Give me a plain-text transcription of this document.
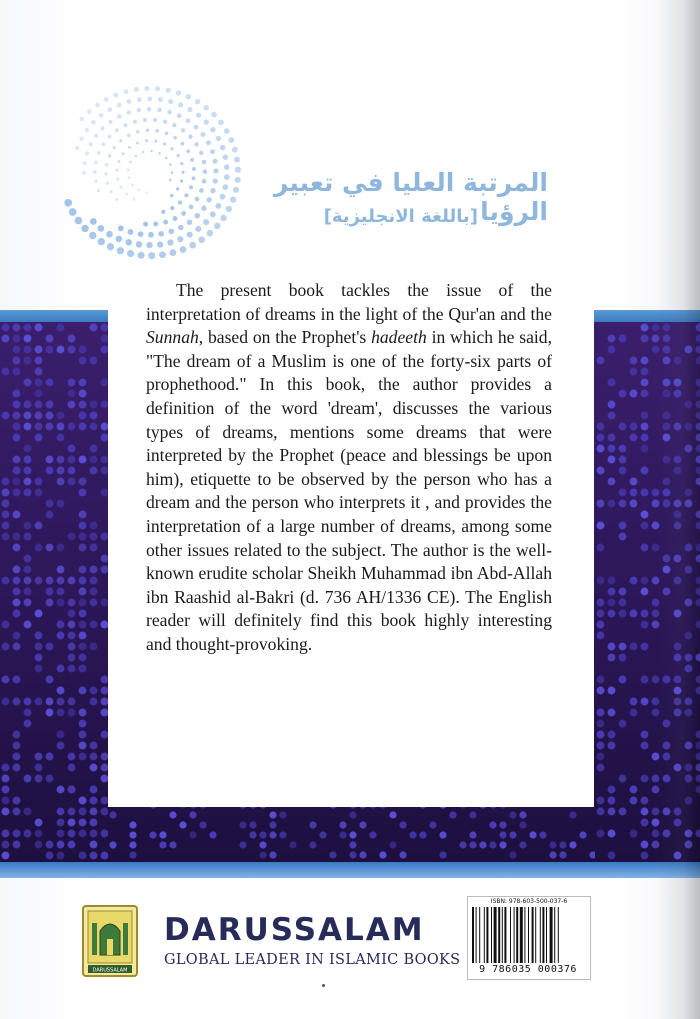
المرتبة العليا في تعبير الرؤيا
[باللغة الانجليزية]

The present book tackles the issue of the interpretation of dreams in the light of the Qur'an and the Sunnah, based on the Prophet's hadeeth in which he said, "The dream of a Muslim is one of the forty-six parts of prophethood." In this book, the author provides a definition of the word 'dream', discusses the various types of dreams, mentions some dreams that were interpreted by the Prophet (peace and blessings be upon him), etiquette to be observed by the person who has a dream and the person who interprets it , and provides the interpretation of a large number of dreams, among some other issues related to the subject. The author is the well-known erudite scholar Sheikh Muhammad ibn Abd-Allah ibn Raashid al-Bakri (d. 736 AH/1336 CE). The English reader will definitely find this book highly interesting and thought-provoking.

DARUSSALAM
DARUSSALAM
GLOBAL LEADER IN ISLAMIC BOOKS
ISBN: 978-603-500-037-6
9 786035 000376
